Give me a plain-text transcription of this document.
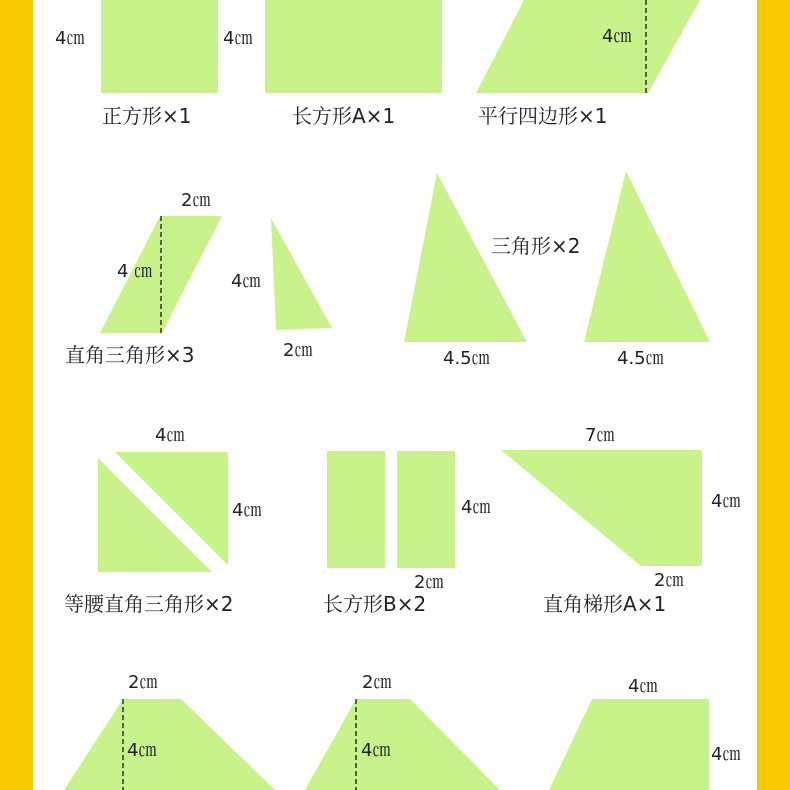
4㎝
正方形×1
4㎝
长方形A×1
4㎝
平行四边形×1
2㎝
4 ㎝
直角三角形×3
4㎝
2㎝
三角形×2
4.5㎝	4.5㎝
4㎝
4㎝
等腰直角三角形×2
4㎝
2㎝
长方形B×2
7㎝
4㎝
2㎝
直角梯形A×1
2㎝
4㎝
2㎝
4㎝
4㎝
4㎝
